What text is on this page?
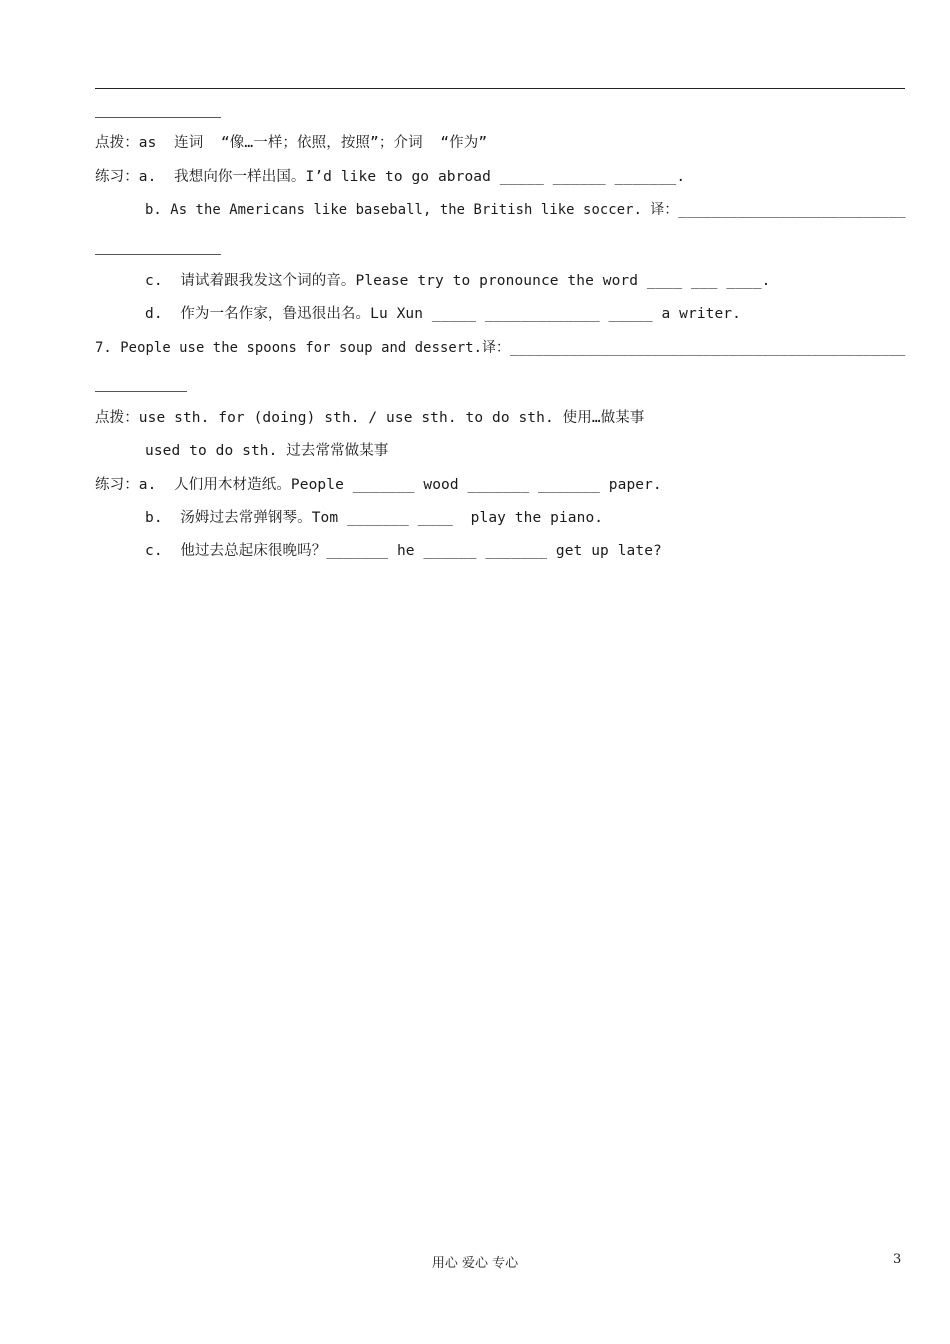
点拨：as  连词  “像…一样；依照，按照”；介词  “作为”
练习：a.  我想向你一样出国。I’d like to go abroad _____ ______ _______.
b. As the Americans like baseball, the British like soccer. 译：___________________________
c.  请试着跟我发这个词的音。Please try to pronounce the word ____ ___ ____.
d.  作为一名作家，鲁迅很出名。Lu Xun _____ _____________ _____ a writer.
7. People use the spoons for soup and dessert.译：_______________________________________________
点拨：use sth. for (doing) sth. / use sth. to do sth. 使用…做某事
used to do sth. 过去常常做某事
练习：a.  人们用木材造纸。People _______ wood _______ _______ paper.
b.  汤姆过去常弹钢琴。Tom _______ ____  play the piano.
c.  他过去总起床很晚吗？_______ he ______ _______ get up late?
用心 爱心 专心	3
